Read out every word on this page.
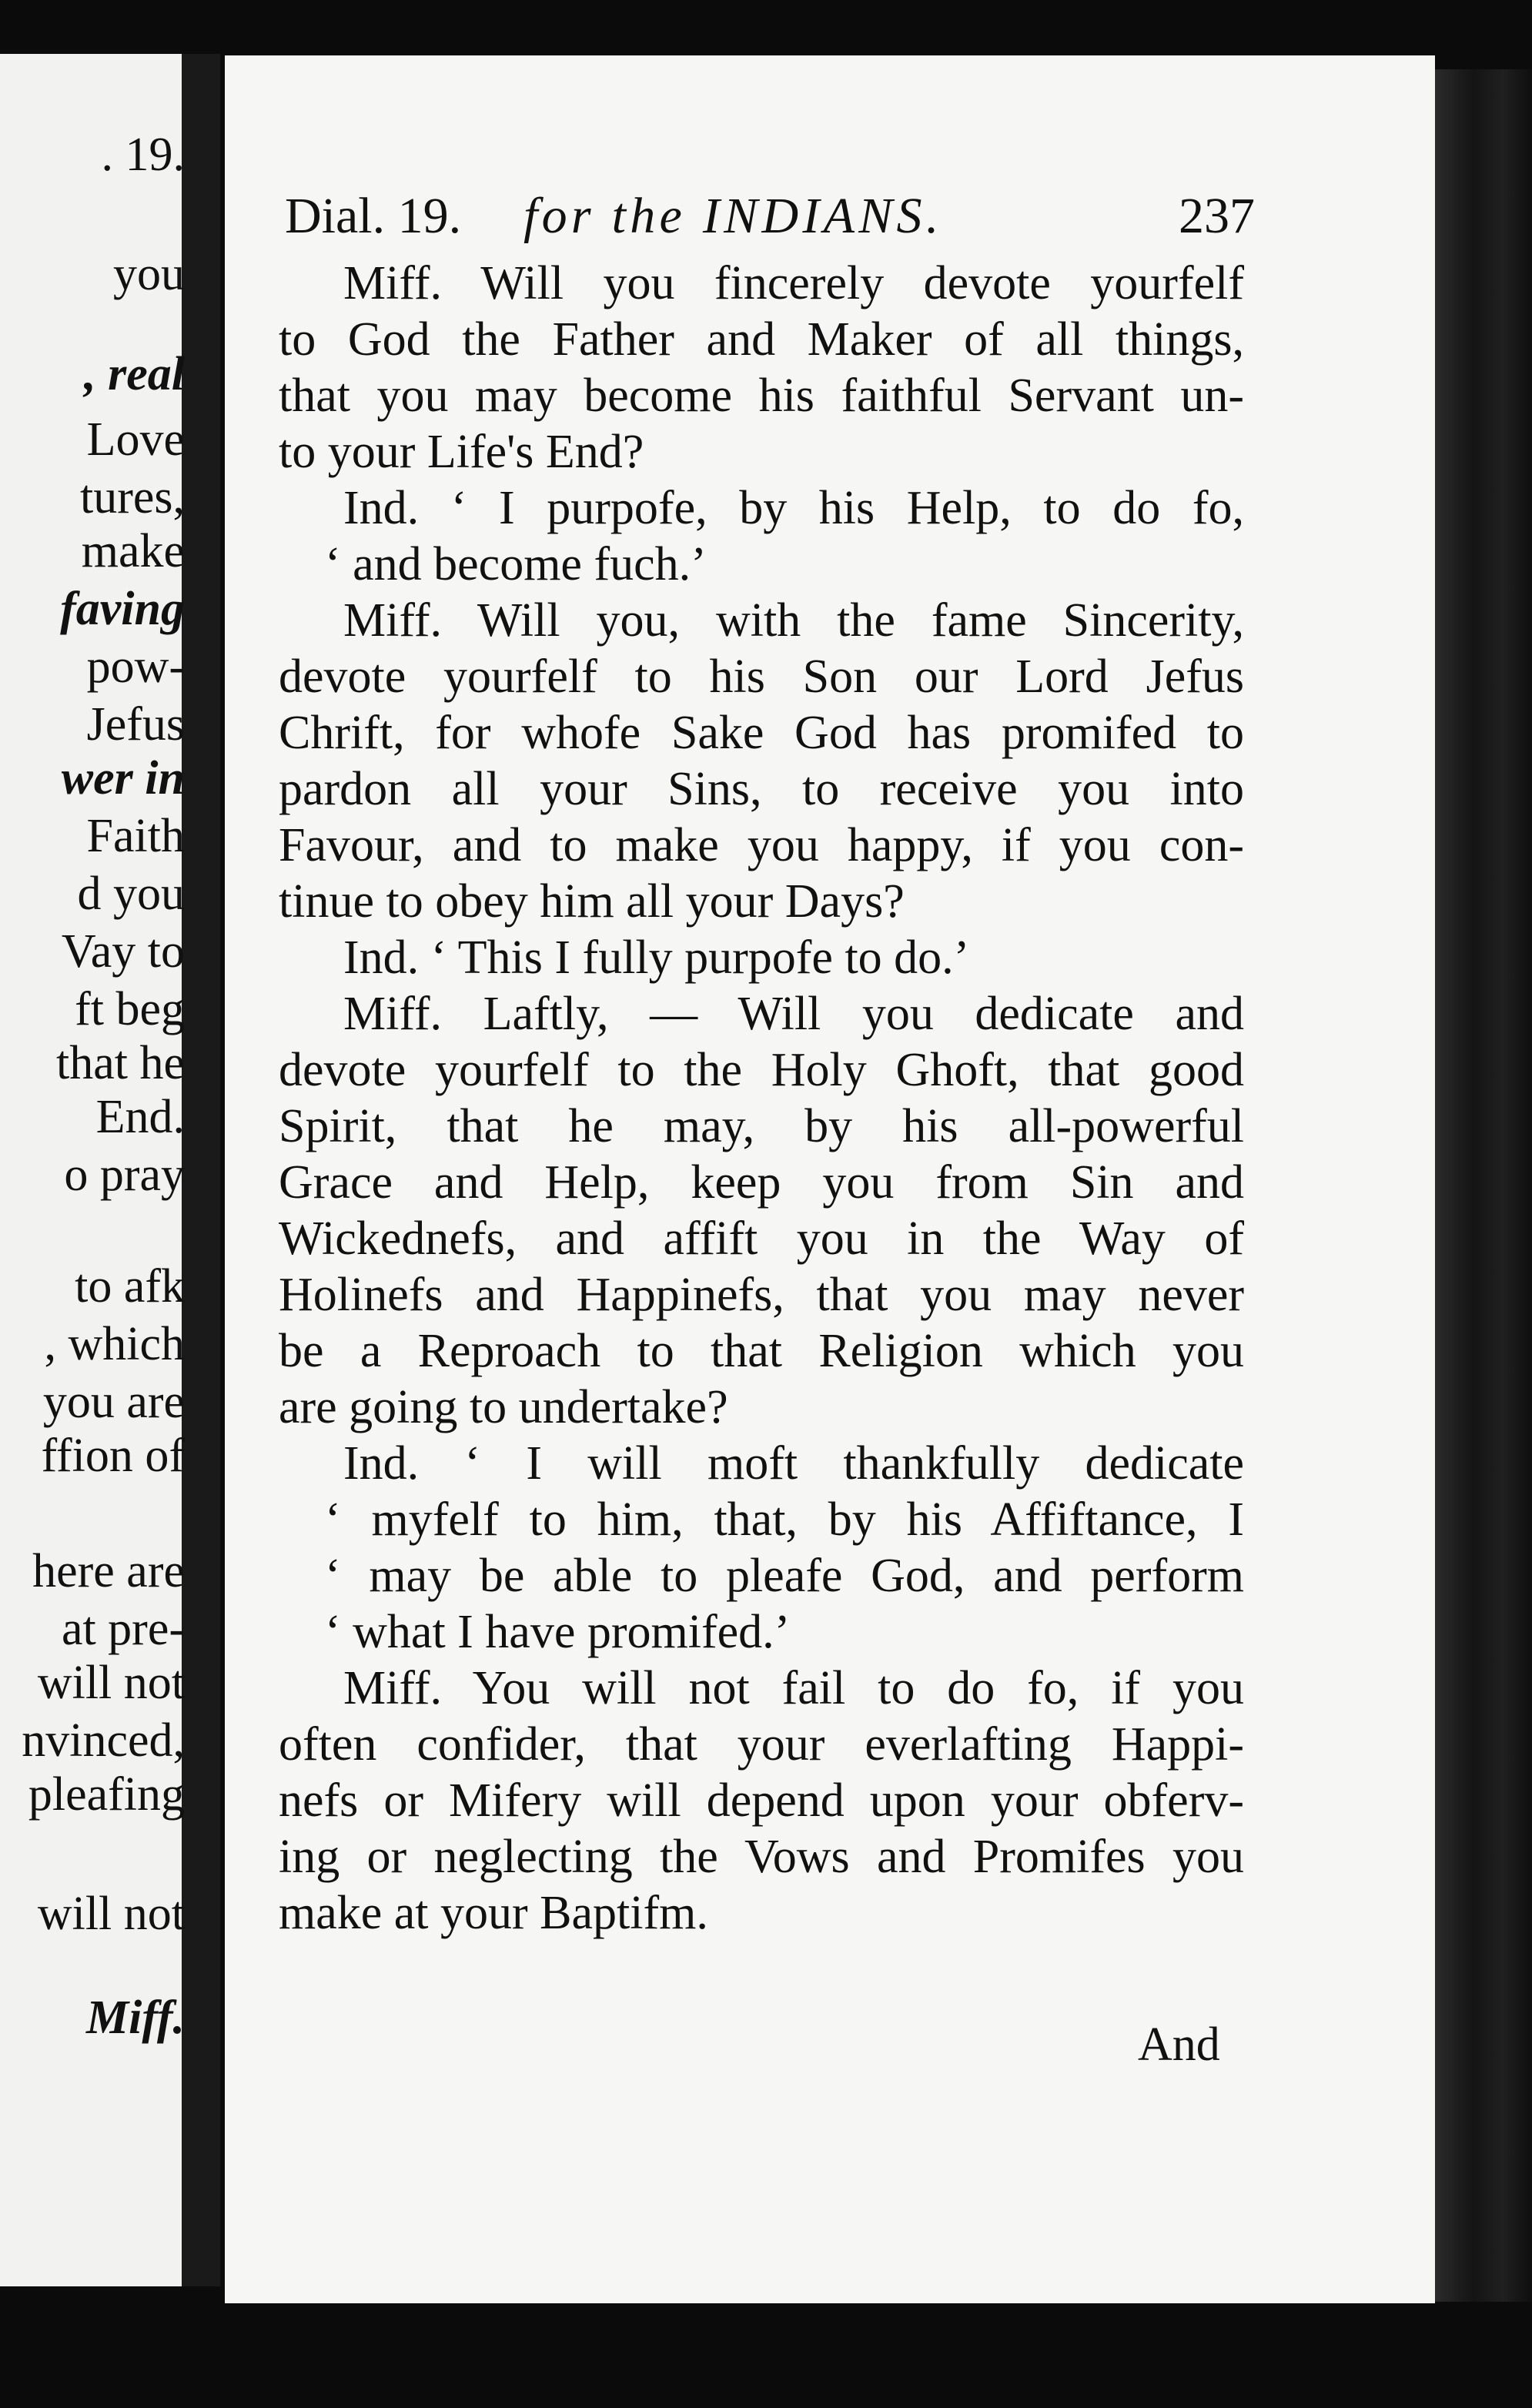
. 19.
you
, real
Love
tures,
make
faving
pow-
Jefus
wer in
Faith
d you
Vay to
ft beg
that he
End.
o pray
to afk
, which
you are
ffion of
here are
at pre-
will not
nvinced,
pleafing
will not
Miff.
Dial. 19. for the INDIANS.	237
Miff. Will you fincerely devote yourfelf
to God the Father and Maker of all things,
that you may become his faithful Servant un-
to your Life's End?
Ind. ‘ I purpofe, by his Help, to do fo,
‘ and become fuch.’
Miff. Will you, with the fame Sincerity,
devote yourfelf to his Son our Lord Jefus
Chrift, for whofe Sake God has promifed to
pardon all your Sins, to receive you into
Favour, and to make you happy, if you con-
tinue to obey him all your Days?
Ind. ‘ This I fully purpofe to do.’
Miff. Laftly, — Will you dedicate and
devote yourfelf to the Holy Ghoft, that good
Spirit, that he may, by his all-powerful
Grace and Help, keep you from Sin and
Wickednefs, and affift you in the Way of
Holinefs and Happinefs, that you may never
be a Reproach to that Religion which you
are going to undertake?
Ind. ‘ I will moft thankfully dedicate
‘ myfelf to him, that, by his Affiftance, I
‘ may be able to pleafe God, and perform
‘ what I have promifed.’
Miff. You will not fail to do fo, if you
often confider, that your everlafting Happi-
nefs or Mifery will depend upon your obferv-
ing or neglecting the Vows and Promifes you
make at your Baptifm.
And
